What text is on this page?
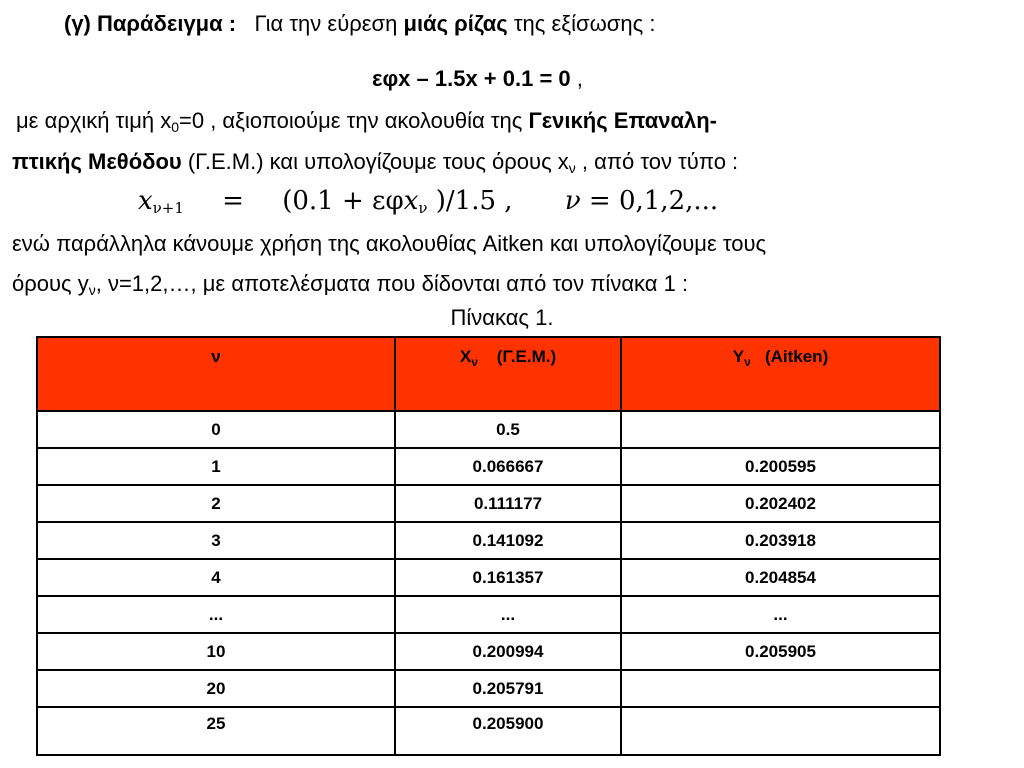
(γ) Παράδειγμα : Για την εύρεση μιάς ρίζας της εξίσωσης :
εφx – 1.5x + 0.1 = 0 ,
με αρχική τιμή $x_0=0$ , αξιοποιούμε την ακολουθία της Γενικής Επαναλη-
πτικής Μεθόδου (Γ.Ε.Μ.) και υπολογίζουμε τους όρους $x_\nu$ , από τον τύπο :
$x_{\nu+1} = (0.1 + \varepsilon\varphi x_\nu$ )/1.5 , ν = 0,1,2,...
ενώ παράλληλα κάνουμε χρήση της ακολουθίας Aitken και υπολογίζουμε τους
όρους $y_\nu$, ν=1,2,…, με αποτελέσματα που δίδονται από τον πίνακα 1 :
Πίνακας 1.
ν	$X_\nu$ (Γ.Ε.Μ.)	$Y_\nu$ (Aitken)
0	0.5	
1	0.066667	0.200595
2	0.111177	0.202402
3	0.141092	0.203918
4	0.161357	0.204854
...	...	...
10	0.200994	0.205905
20	0.205791	
25	0.205900	
